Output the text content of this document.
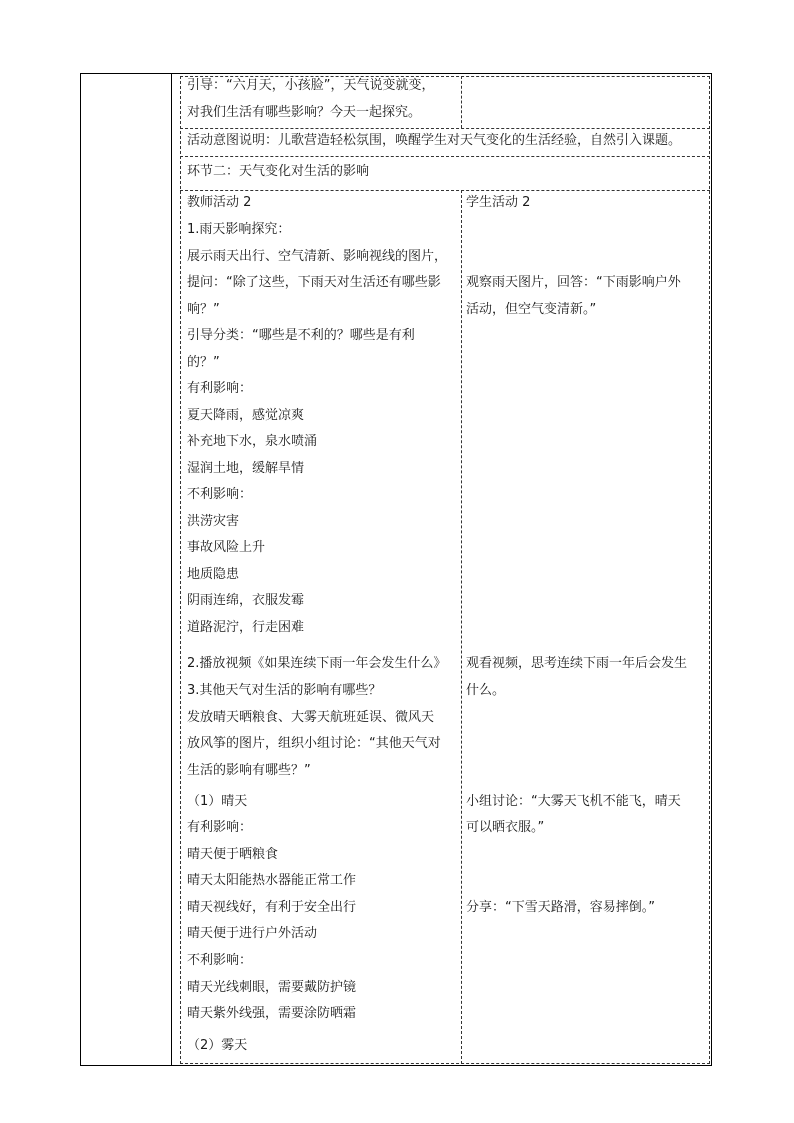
引导：“六月天，小孩脸”，天气说变就变，
对我们生活有哪些影响？今天一起探究。
活动意图说明：儿歌营造轻松氛围，唤醒学生对天气变化的生活经验，自然引入课题。
环节二：天气变化对生活的影响
教师活动 2	学生活动 2
1.雨天影响探究：
展示雨天出行、空气清新、影响视线的图片，
提问：“除了这些，下雨天对生活还有哪些影
响？”
引导分类：“哪些是不利的？哪些是有利
的？”
有利影响：
夏天降雨，感觉凉爽
补充地下水，泉水喷涌
湿润土地，缓解旱情
不利影响：
洪涝灾害
事故风险上升
地质隐患
阴雨连绵，衣服发霉
道路泥泞，行走困难
2.播放视频《如果连续下雨一年会发生什么》
3.其他天气对生活的影响有哪些？
发放晴天晒粮食、大雾天航班延误、微风天
放风筝的图片，组织小组讨论：“其他天气对
生活的影响有哪些？”
（1）晴天
有利影响：
晴天便于晒粮食
晴天太阳能热水器能正常工作
晴天视线好，有利于安全出行
晴天便于进行户外活动
不利影响：
晴天光线刺眼，需要戴防护镜
晴天紫外线强，需要涂防晒霜
（2）雾天
观察雨天图片，回答：“下雨影响户外
活动，但空气变清新。”
观看视频，思考连续下雨一年后会发生
什么。
小组讨论：“大雾天飞机不能飞，晴天
可以晒衣服。”
分享：“下雪天路滑，容易摔倒。”
